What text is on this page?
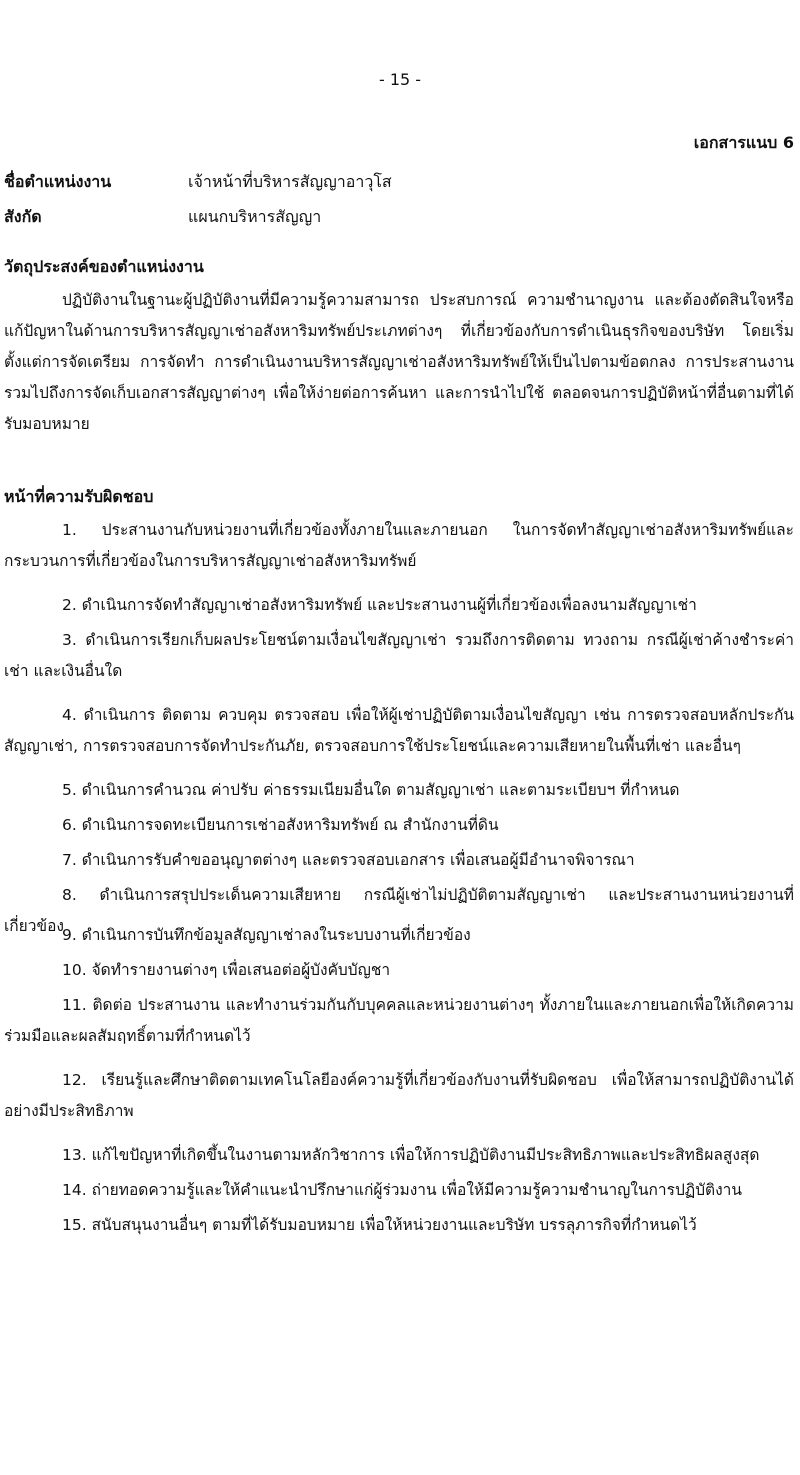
- 15 -
เอกสารแนบ 6
ชื่อตำแหน่งงาน	เจ้าหน้าที่บริหารสัญญาอาวุโส
สังกัด	แผนกบริหารสัญญา
วัตถุประสงค์ของตำแหน่งงาน
ปฏิบัติงานในฐานะผู้ปฏิบัติงานที่มีความรู้ความสามารถ ประสบการณ์ ความชำนาญงาน และต้องตัดสินใจหรือแก้ปัญหาในด้านการบริหารสัญญาเช่าอสังหาริมทรัพย์ประเภทต่างๆ ที่เกี่ยวข้องกับการดำเนินธุรกิจของบริษัท โดยเริ่มตั้งแต่การจัดเตรียม การจัดทำ การดำเนินงานบริหารสัญญาเช่าอสังหาริมทรัพย์ให้เป็นไปตามข้อตกลง การประสานงาน รวมไปถึงการจัดเก็บเอกสารสัญญาต่างๆ เพื่อให้ง่ายต่อการค้นหา และการนำไปใช้ ตลอดจนการปฏิบัติหน้าที่อื่นตามที่ได้รับมอบหมาย
หน้าที่ความรับผิดชอบ
1. ประสานงานกับหน่วยงานที่เกี่ยวข้องทั้งภายในและภายนอก ในการจัดทำสัญญาเช่าอสังหาริมทรัพย์และกระบวนการที่เกี่ยวข้องในการบริหารสัญญาเช่าอสังหาริมทรัพย์
2. ดำเนินการจัดทำสัญญาเช่าอสังหาริมทรัพย์ และประสานงานผู้ที่เกี่ยวข้องเพื่อลงนามสัญญาเช่า
3. ดำเนินการเรียกเก็บผลประโยชน์ตามเงื่อนไขสัญญาเช่า รวมถึงการติดตาม ทวงถาม กรณีผู้เช่าค้างชำระค่าเช่า และเงินอื่นใด
4. ดำเนินการ ติดตาม ควบคุม ตรวจสอบ เพื่อให้ผู้เช่าปฏิบัติตามเงื่อนไขสัญญา เช่น การตรวจสอบหลักประกันสัญญาเช่า, การตรวจสอบการจัดทำประกันภัย, ตรวจสอบการใช้ประโยชน์และความเสียหายในพื้นที่เช่า และอื่นๆ
5. ดำเนินการคำนวณ ค่าปรับ ค่าธรรมเนียมอื่นใด ตามสัญญาเช่า และตามระเบียบฯ ที่กำหนด
6. ดำเนินการจดทะเบียนการเช่าอสังหาริมทรัพย์ ณ สำนักงานที่ดิน
7. ดำเนินการรับคำขออนุญาตต่างๆ และตรวจสอบเอกสาร เพื่อเสนอผู้มีอำนาจพิจารณา
8. ดำเนินการสรุปประเด็นความเสียหาย กรณีผู้เช่าไม่ปฏิบัติตามสัญญาเช่า และประสานงานหน่วยงานที่เกี่ยวข้อง
9. ดำเนินการบันทึกข้อมูลสัญญาเช่าลงในระบบงานที่เกี่ยวข้อง
10. จัดทำรายงานต่างๆ เพื่อเสนอต่อผู้บังคับบัญชา
11. ติดต่อ ประสานงาน และทำงานร่วมกันกับบุคคลและหน่วยงานต่างๆ ทั้งภายในและภายนอกเพื่อให้เกิดความร่วมมือและผลสัมฤทธิ์ตามที่กำหนดไว้
12. เรียนรู้และศึกษาติดตามเทคโนโลยีองค์ความรู้ที่เกี่ยวข้องกับงานที่รับผิดชอบ เพื่อให้สามารถปฏิบัติงานได้อย่างมีประสิทธิภาพ
13. แก้ไขปัญหาที่เกิดขึ้นในงานตามหลักวิชาการ เพื่อให้การปฏิบัติงานมีประสิทธิภาพและประสิทธิผลสูงสุด
14. ถ่ายทอดความรู้และให้คำแนะนำปรึกษาแก่ผู้ร่วมงาน เพื่อให้มีความรู้ความชำนาญในการปฏิบัติงาน
15. สนับสนุนงานอื่นๆ ตามที่ได้รับมอบหมาย เพื่อให้หน่วยงานและบริษัท บรรลุภารกิจที่กำหนดไว้
